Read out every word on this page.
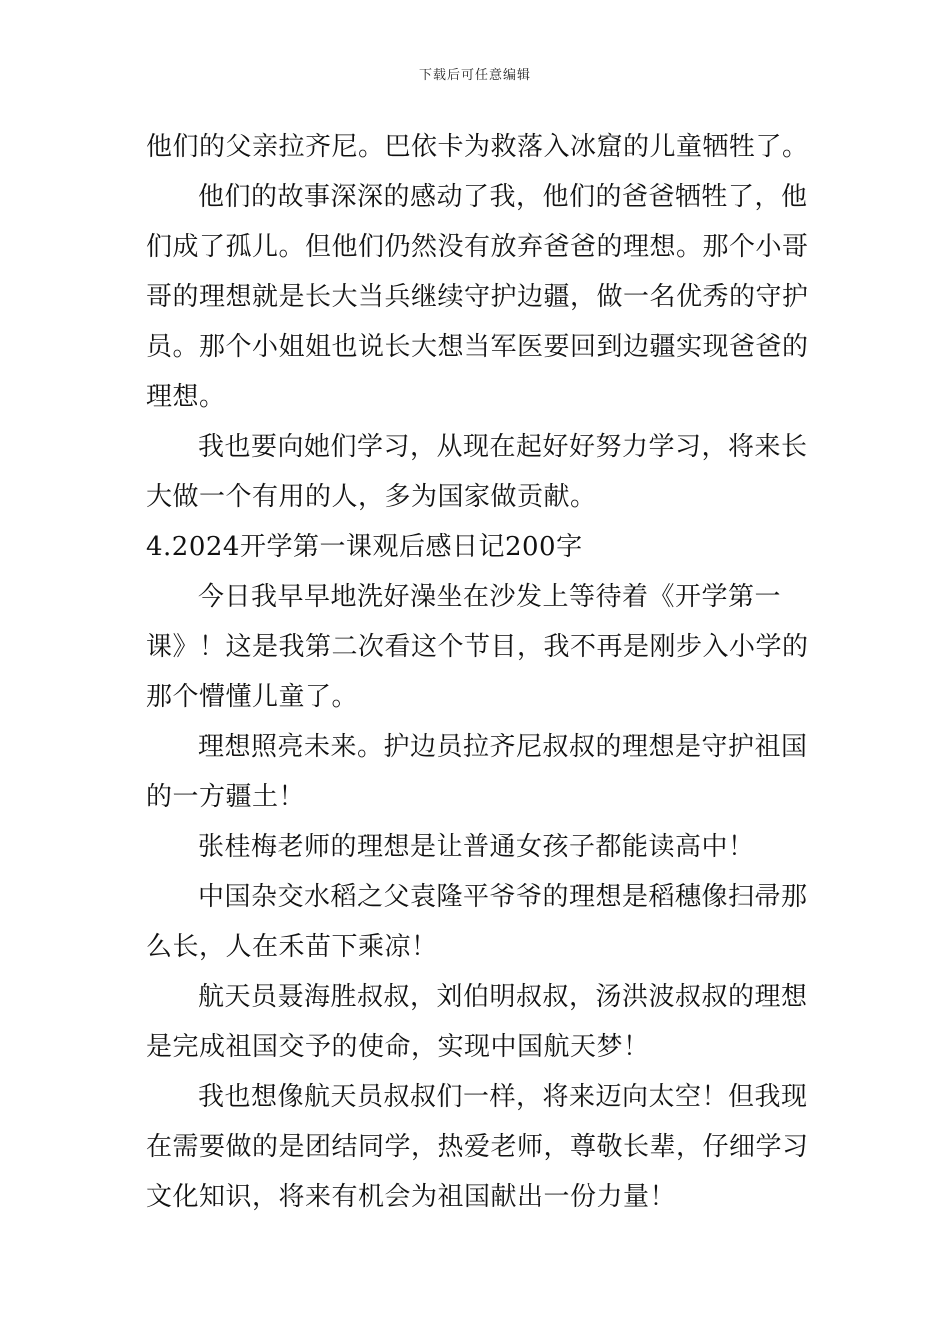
下载后可任意编辑
他们的父亲拉齐尼。巴依卡为救落入冰窟的儿童牺牲了。
他们的故事深深的感动了我，他们的爸爸牺牲了，他
们成了孤儿。但他们仍然没有放弃爸爸的理想。那个小哥
哥的理想就是长大当兵继续守护边疆，做一名优秀的守护
员。那个小姐姐也说长大想当军医要回到边疆实现爸爸的
理想。
我也要向她们学习，从现在起好好努力学习，将来长
大做一个有用的人，多为国家做贡献。
4.2024开学第一课观后感日记200字
今日我早早地洗好澡坐在沙发上等待着《开学第一
课》！这是我第二次看这个节目，我不再是刚步入小学的
那个懵懂儿童了。
理想照亮未来。护边员拉齐尼叔叔的理想是守护祖国
的一方疆土！
张桂梅老师的理想是让普通女孩子都能读高中！
中国杂交水稻之父袁隆平爷爷的理想是稻穗像扫帚那
么长，人在禾苗下乘凉！
航天员聂海胜叔叔，刘伯明叔叔，汤洪波叔叔的理想
是完成祖国交予的使命，实现中国航天梦！
我也想像航天员叔叔们一样，将来迈向太空！但我现
在需要做的是团结同学，热爱老师，尊敬长辈，仔细学习
文化知识，将来有机会为祖国献出一份力量！
